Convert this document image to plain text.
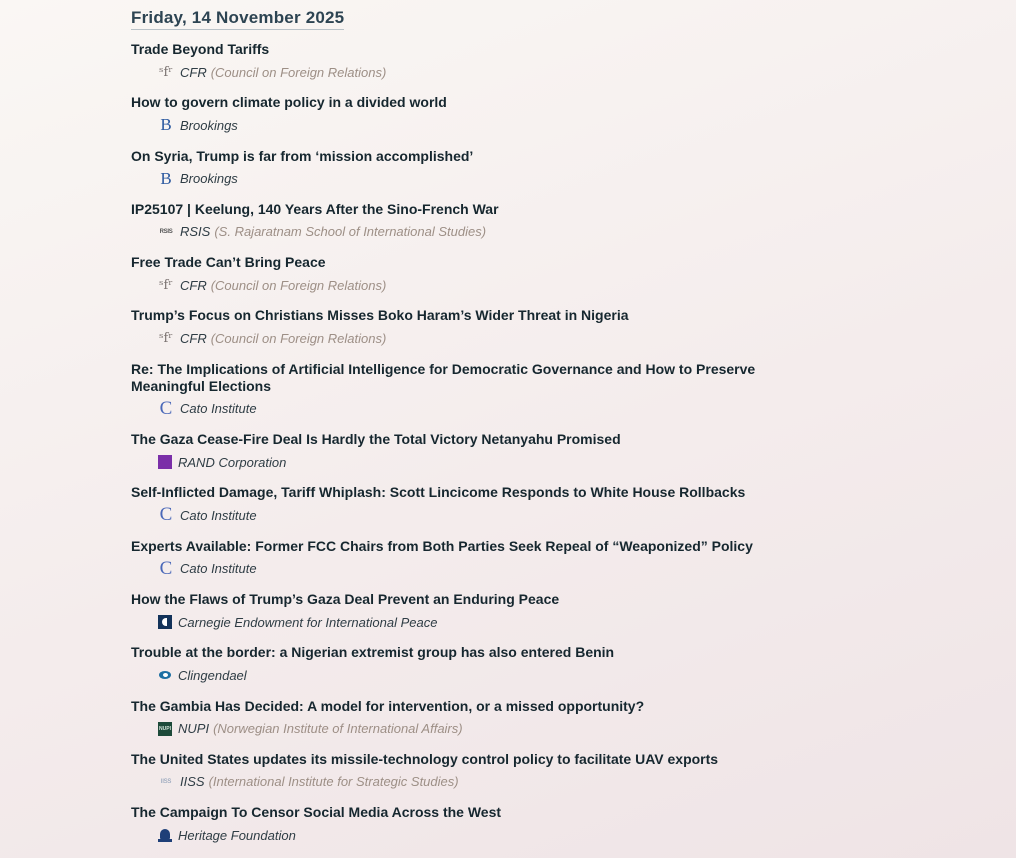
Friday, 14 November 2025
Trade Beyond Tariffs
ˢfʳ CFR (Council on Foreign Relations)
How to govern climate policy in a divided world
B Brookings
On Syria, Trump is far from ‘mission accomplished’
B Brookings
IP25107 | Keelung, 140 Years After the Sino-French War
RSIS RSIS (S. Rajaratnam School of International Studies)
Free Trade Can’t Bring Peace
ˢfʳ CFR (Council on Foreign Relations)
Trump’s Focus on Christians Misses Boko Haram’s Wider Threat in Nigeria
ˢfʳ CFR (Council on Foreign Relations)
Re: The Implications of Artificial Intelligence for Democratic Governance and How to Preserve Meaningful Elections
C Cato Institute
The Gaza Cease-Fire Deal Is Hardly the Total Victory Netanyahu Promised
RAND Corporation
Self-Inflicted Damage, Tariff Whiplash: Scott Lincicome Responds to White House Rollbacks
C Cato Institute
Experts Available: Former FCC Chairs from Both Parties Seek Repeal of “Weaponized” Policy
C Cato Institute
How the Flaws of Trump’s Gaza Deal Prevent an Enduring Peace
Carnegie Endowment for International Peace
Trouble at the border: a Nigerian extremist group has also entered Benin
Clingendael
The Gambia Has Decided: A model for intervention, or a missed opportunity?
NUPI NUPI (Norwegian Institute of International Affairs)
The United States updates its missile-technology control policy to facilitate UAV exports
IISS IISS (International Institute for Strategic Studies)
The Campaign To Censor Social Media Across the West
Heritage Foundation
